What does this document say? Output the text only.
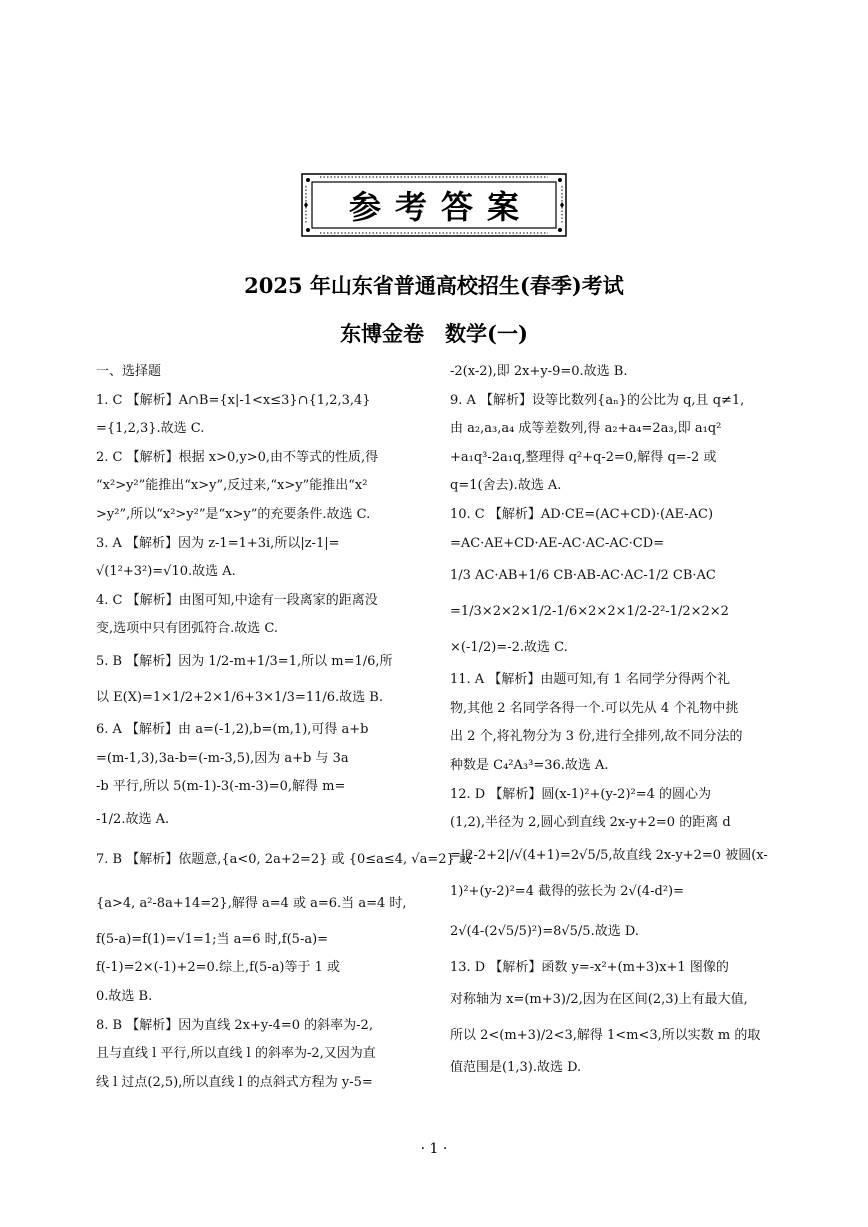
参考答案
2025 年山东省普通高校招生(春季)考试
东博金卷　数学(一)
一、选择题
1. C 【解析】A∩B={x|-1<x≤3}∩{1,2,3,4}
={1,2,3}.故选 C.
2. C 【解析】根据 x>0,y>0,由不等式的性质,得
“x²>y²”能推出“x>y”,反过来,“x>y”能推出“x²
>y²”,所以“x²>y²”是“x>y”的充要条件.故选 C.
3. A 【解析】因为 z-1=1+3i,所以|z-1|=
√(1²+3²)=√10.故选 A.
4. C 【解析】由图可知,中途有一段离家的距离没
变,选项中只有团弧符合.故选 C.
5. B 【解析】因为 1/2-m+1/3=1,所以 m=1/6,所
以 E(X)=1×1/2+2×1/6+3×1/3=11/6.故选 B.
6. A 【解析】由 a=(-1,2),b=(m,1),可得 a+b
=(m-1,3),3a-b=(-m-3,5),因为 a+b 与 3a
-b 平行,所以 5(m-1)-3(-m-3)=0,解得 m=
-1/2.故选 A.
7. B 【解析】依题意,{a<0, 2a+2=2} 或 {0≤a≤4, √a=2} 或
{a>4, a²-8a+14=2},解得 a=4 或 a=6.当 a=4 时,
f(5-a)=f(1)=√1=1;当 a=6 时,f(5-a)=
f(-1)=2×(-1)+2=0.综上,f(5-a)等于 1 或
0.故选 B.
8. B 【解析】因为直线 2x+y-4=0 的斜率为-2,
且与直线 l 平行,所以直线 l 的斜率为-2,又因为直
线 l 过点(2,5),所以直线 l 的点斜式方程为 y-5=
-2(x-2),即 2x+y-9=0.故选 B.
9. A 【解析】设等比数列{aₙ}的公比为 q,且 q≠1,
由 a₂,a₃,a₄ 成等差数列,得 a₂+a₄=2a₃,即 a₁q²
+a₁q³-2a₁q,整理得 q²+q-2=0,解得 q=-2 或
q=1(舍去).故选 A.
10. C 【解析】AD·CE=(AC+CD)·(AE-AC)
=AC·AE+CD·AE-AC·AC-AC·CD=
1/3 AC·AB+1/6 CB·AB-AC·AC-1/2 CB·AC
=1/3×2×2×1/2-1/6×2×2×1/2-2²-1/2×2×2
×(-1/2)=-2.故选 C.
11. A 【解析】由题可知,有 1 名同学分得两个礼
物,其他 2 名同学各得一个.可以先从 4 个礼物中挑
出 2 个,将礼物分为 3 份,进行全排列,故不同分法的
种数是 C₄²A₃³=36.故选 A.
12. D 【解析】圆(x-1)²+(y-2)²=4 的圆心为
(1,2),半径为 2,圆心到直线 2x-y+2=0 的距离 d
=|2-2+2|/√(4+1)=2√5/5,故直线 2x-y+2=0 被圆(x-
1)²+(y-2)²=4 截得的弦长为 2√(4-d²)=
2√(4-(2√5/5)²)=8√5/5.故选 D.
13. D 【解析】函数 y=-x²+(m+3)x+1 图像的
对称轴为 x=(m+3)/2,因为在区间(2,3)上有最大值,
所以 2<(m+3)/2<3,解得 1<m<3,所以实数 m 的取
值范围是(1,3).故选 D.
· 1 ·
